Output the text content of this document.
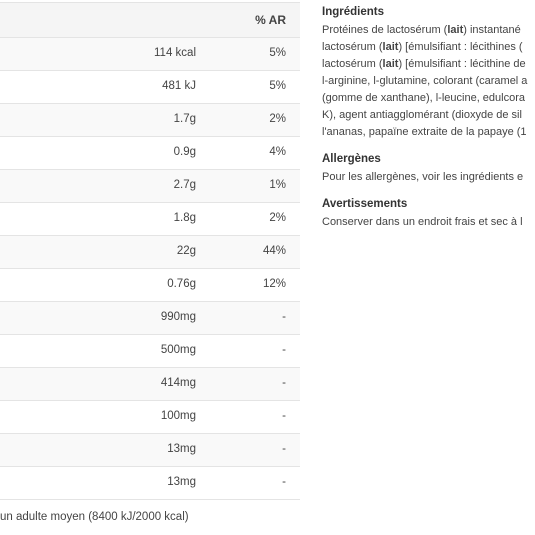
% AR
114 kcal	5%
481 kJ	5%
1.7g	2%
0.9g	4%
2.7g	1%
1.8g	2%
22g	44%
0.76g	12%
990mg	-
500mg	-
414mg	-
100mg	-
13mg	-
13mg	-
un adulte moyen (8400 kJ/2000 kcal)

Ingrédients

Protéines de lactosérum (lait) instantané

lactosérum (lait) [émulsifiant : lécithines (

lactosérum (lait) [émulsifiant : lécithine de

l-arginine, l-glutamine, colorant (caramel a

(gomme de xanthane), l-leucine, edulcora

K), agent antiagglomérant (dioxyde de sil

l'ananas, papaïne extraite de la papaye (1

Allergènes

Pour les allergènes, voir les ingrédients e

Avertissements

Conserver dans un endroit frais et sec à l
